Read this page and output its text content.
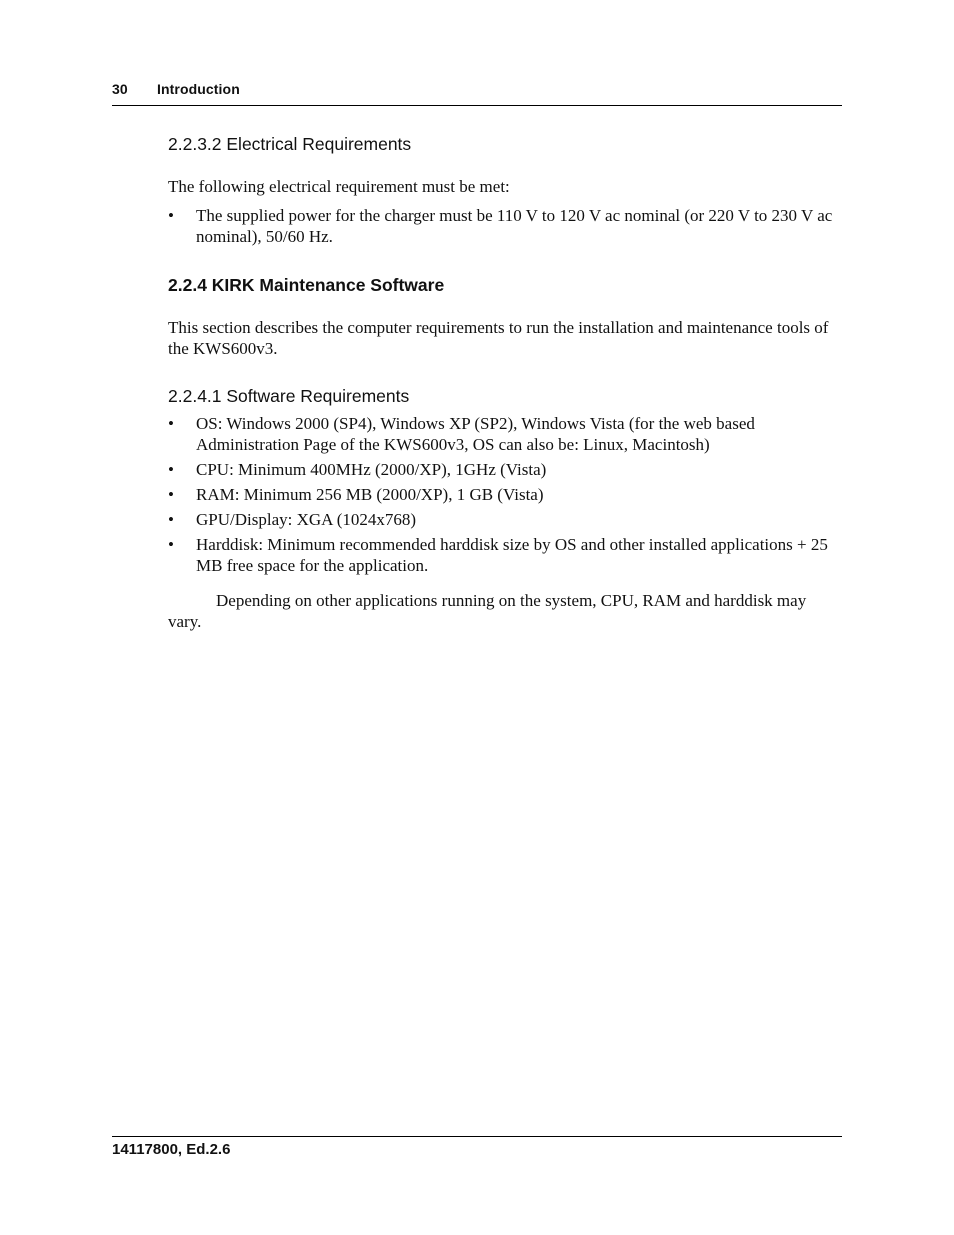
30 Introduction
2.2.3.2 Electrical Requirements

The following electrical requirement must be met:

• The supplied power for the charger must be 110 V to 120 V ac nominal (or 220 V to 230 V ac nominal), 50/60 Hz.
2.2.4 KIRK Maintenance Software

This section describes the computer requirements to run the installation and maintenance tools of the KWS600v3.

2.2.4.1 Software Requirements
• OS: Windows 2000 (SP4), Windows XP (SP2), Windows Vista (for the web based Administration Page of the KWS600v3, OS can also be: Linux, Macintosh)
• CPU: Minimum 400MHz (2000/XP), 1GHz (Vista)
• RAM: Minimum 256 MB (2000/XP), 1 GB (Vista)
• GPU/Display: XGA (1024x768)
• Harddisk: Minimum recommended harddisk size by OS and other installed applications + 25 MB free space for the application.

Depending on other applications running on the system, CPU, RAM and harddisk may vary.

14117800, Ed.2.6
